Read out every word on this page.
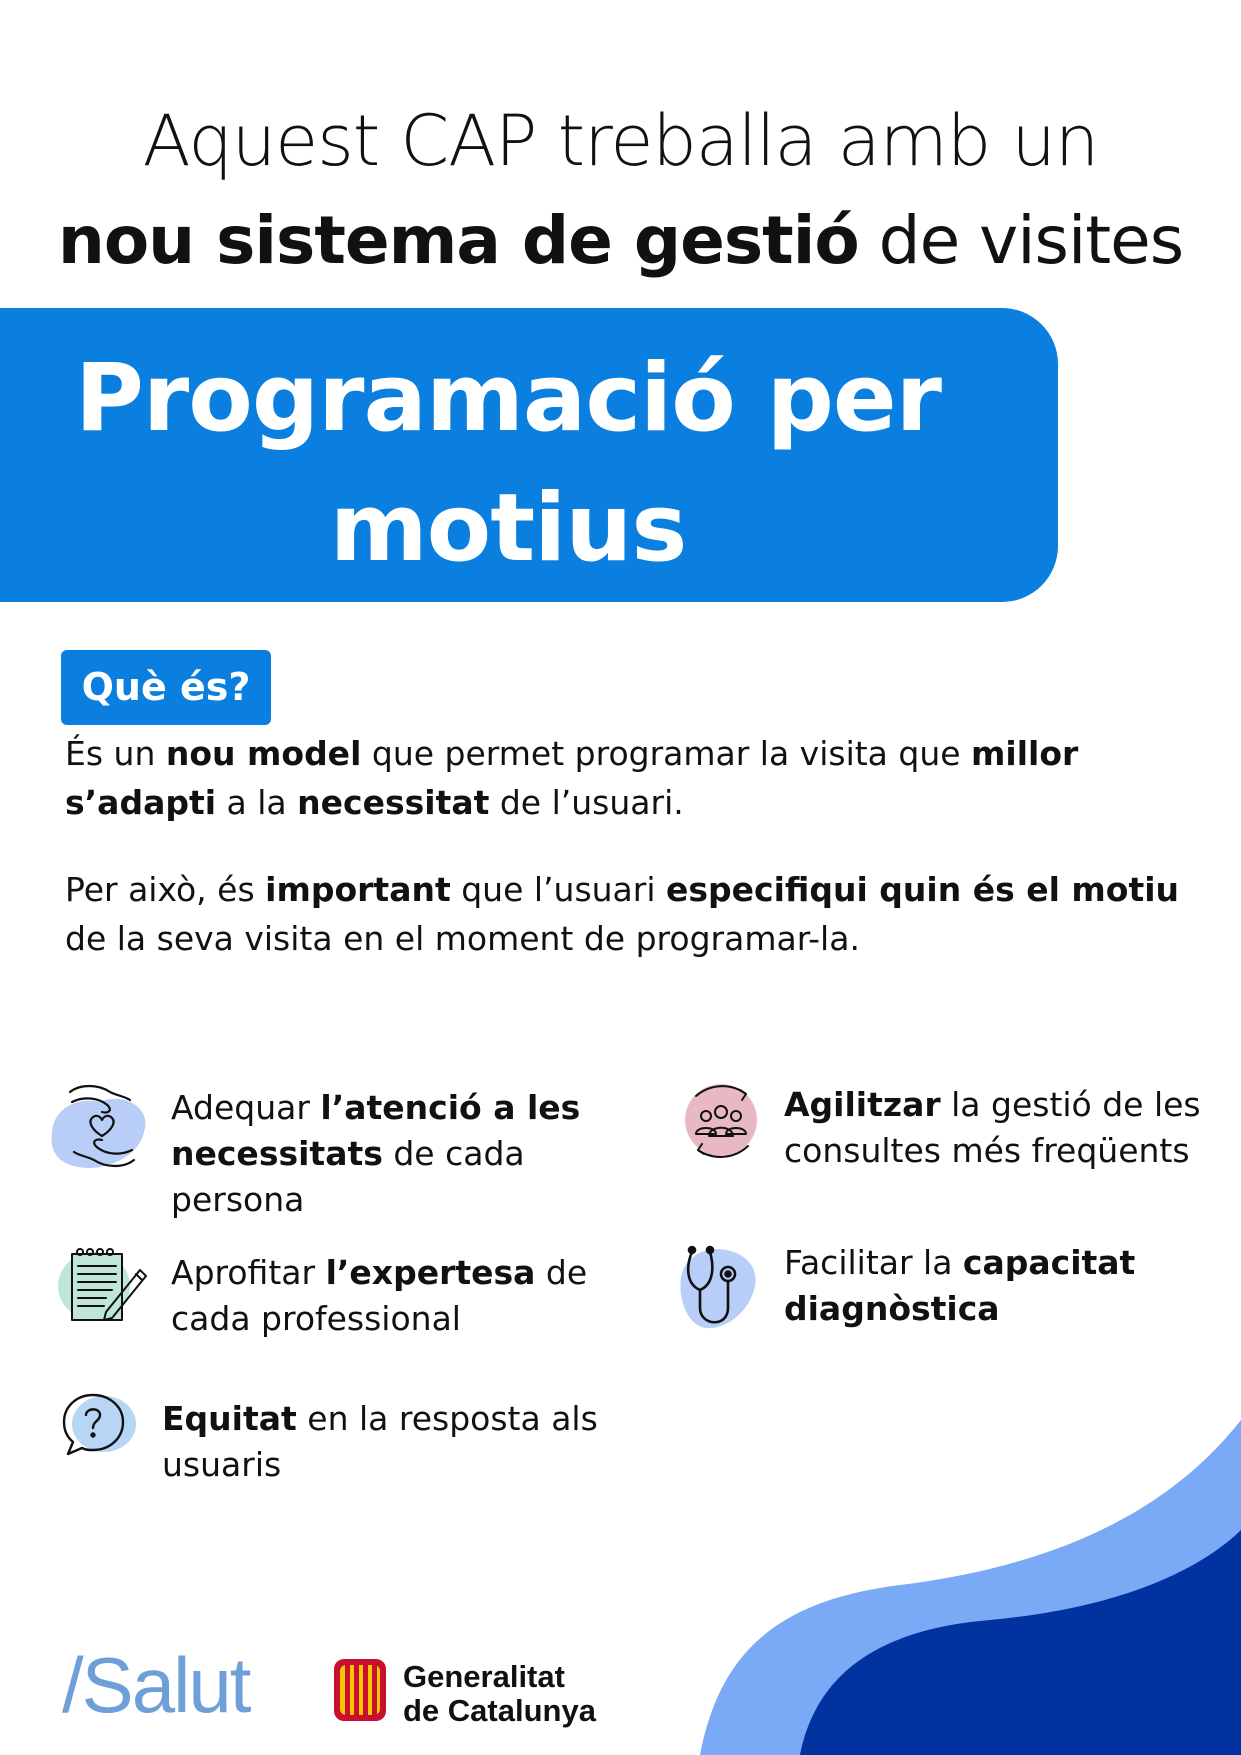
Aquest CAP treballa amb un
nou sistema de gestió de visites
Programació per
motius
Què és?
És un nou model que permet programar la visita que millor s’adapti a la necessitat de l’usuari.
Per això, és important que l’usuari especifiqui quin és el motiu de la seva visita en el moment de programar-la.
Adequar l’atenció a les necessitats de cada persona
Agilitzar la gestió de les consultes més freqüents
Aprofitar l’expertesa de cada professional
Facilitar la capacitat diagnòstica
Equitat en la resposta als usuaris
/Salut	Generalitat
de Catalunya
